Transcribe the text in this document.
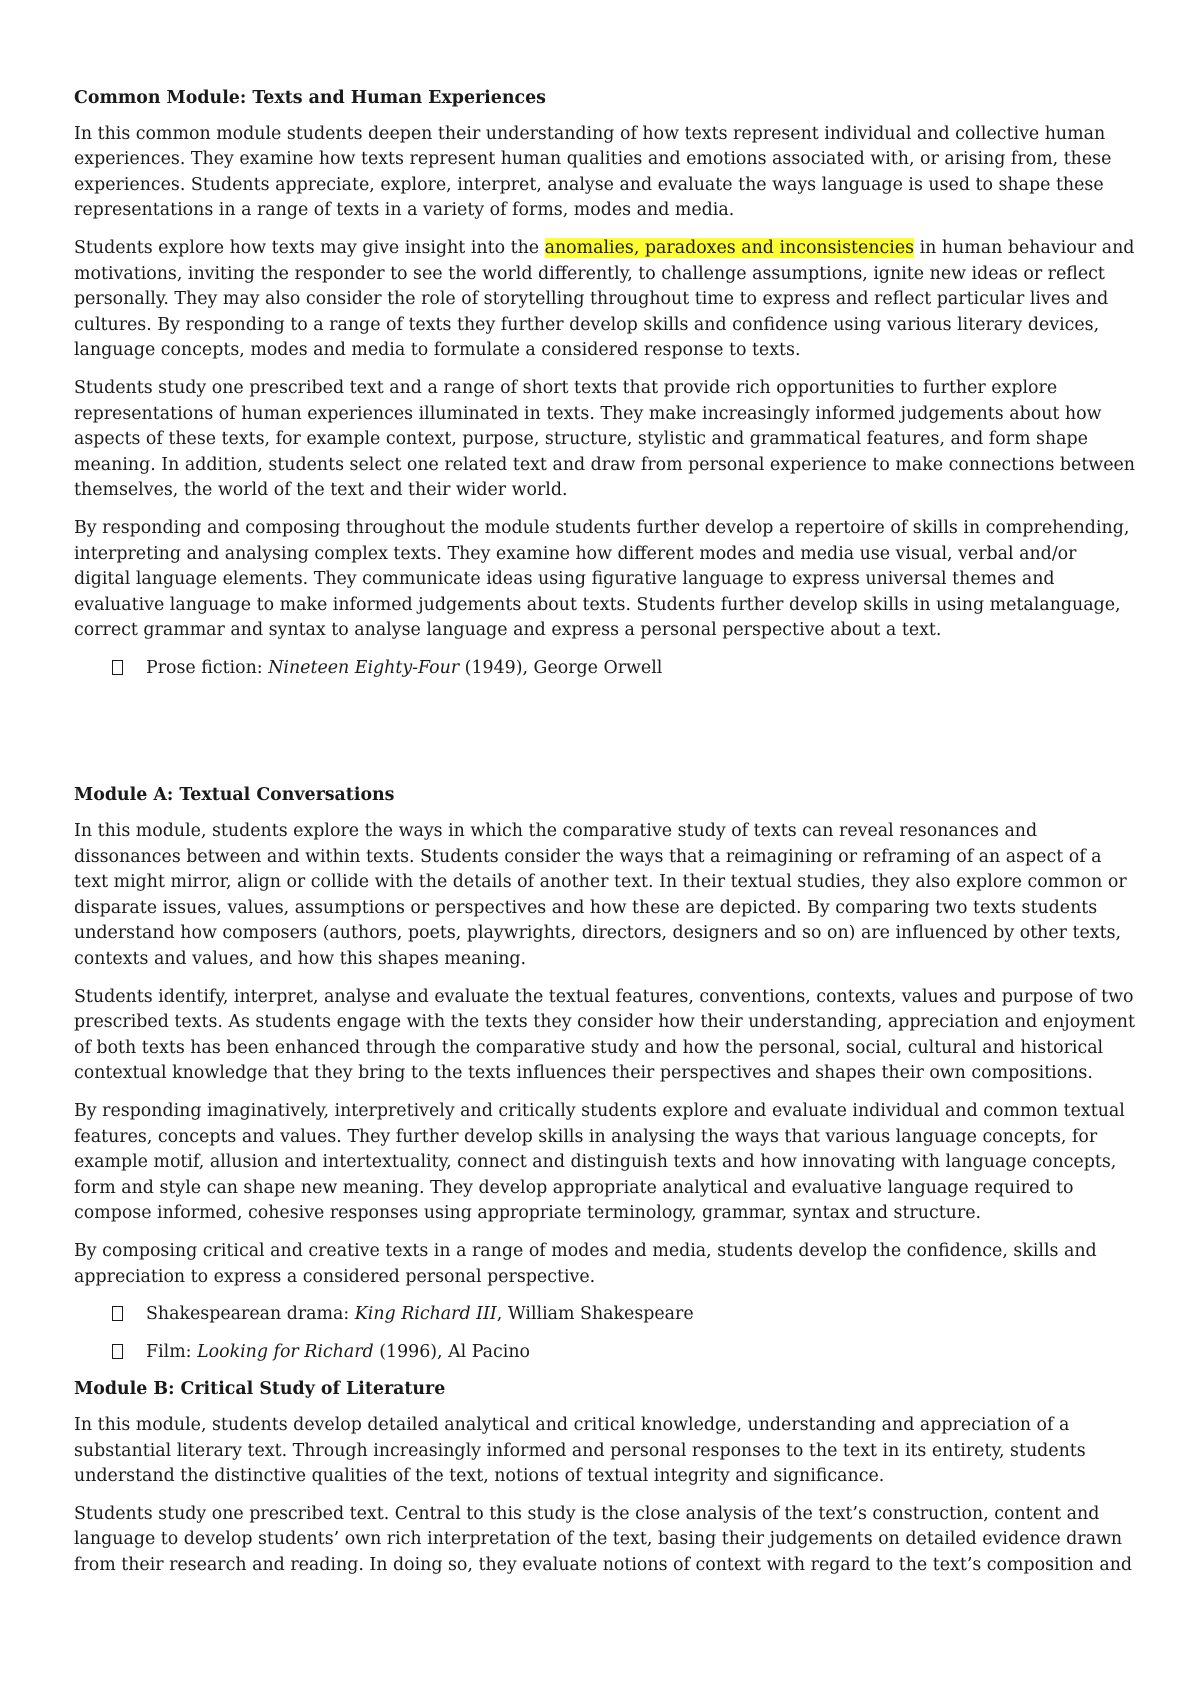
Common Module: Texts and Human Experiences

In this common module students deepen their understanding of how texts represent individual and collective human experiences. They examine how texts represent human qualities and emotions associated with, or arising from, these experiences. Students appreciate, explore, interpret, analyse and evaluate the ways language is used to shape these representations in a range of texts in a variety of forms, modes and media.

Students explore how texts may give insight into the anomalies, paradoxes and inconsistencies in human behaviour and motivations, inviting the responder to see the world differently, to challenge assumptions, ignite new ideas or reflect personally. They may also consider the role of storytelling throughout time to express and reflect particular lives and cultures. By responding to a range of texts they further develop skills and confidence using various literary devices, language concepts, modes and media to formulate a considered response to texts.

Students study one prescribed text and a range of short texts that provide rich opportunities to further explore representations of human experiences illuminated in texts. They make increasingly informed judgements about how aspects of these texts, for example context, purpose, structure, stylistic and grammatical features, and form shape meaning. In addition, students select one related text and draw from personal experience to make connections between themselves, the world of the text and their wider world.

By responding and composing throughout the module students further develop a repertoire of skills in comprehending, interpreting and analysing complex texts. They examine how different modes and media use visual, verbal and/or digital language elements. They communicate ideas using figurative language to express universal themes and evaluative language to make informed judgements about texts. Students further develop skills in using metalanguage, correct grammar and syntax to analyse language and express a personal perspective about a text.

Prose fiction: Nineteen Eighty-Four (1949), George Orwell
Module A: Textual Conversations

In this module, students explore the ways in which the comparative study of texts can reveal resonances and dissonances between and within texts. Students consider the ways that a reimagining or reframing of an aspect of a text might mirror, align or collide with the details of another text. In their textual studies, they also explore common or disparate issues, values, assumptions or perspectives and how these are depicted. By comparing two texts students understand how composers (authors, poets, playwrights, directors, designers and so on) are influenced by other texts, contexts and values, and how this shapes meaning.

Students identify, interpret, analyse and evaluate the textual features, conventions, contexts, values and purpose of two prescribed texts. As students engage with the texts they consider how their understanding, appreciation and enjoyment of both texts has been enhanced through the comparative study and how the personal, social, cultural and historical contextual knowledge that they bring to the texts influences their perspectives and shapes their own compositions.

By responding imaginatively, interpretively and critically students explore and evaluate individual and common textual features, concepts and values. They further develop skills in analysing the ways that various language concepts, for example motif, allusion and intertextuality, connect and distinguish texts and how innovating with language concepts, form and style can shape new meaning. They develop appropriate analytical and evaluative language required to compose informed, cohesive responses using appropriate terminology, grammar, syntax and structure.

By composing critical and creative texts in a range of modes and media, students develop the confidence, skills and appreciation to express a considered personal perspective.

Shakespearean drama: King Richard III, William Shakespeare
Film: Looking for Richard (1996), Al Pacino
Module B: Critical Study of Literature

In this module, students develop detailed analytical and critical knowledge, understanding and appreciation of a substantial literary text. Through increasingly informed and personal responses to the text in its entirety, students understand the distinctive qualities of the text, notions of textual integrity and significance.

Students study one prescribed text. Central to this study is the close analysis of the text’s construction, content and language to develop students’ own rich interpretation of the text, basing their judgements on detailed evidence drawn from their research and reading. In doing so, they evaluate notions of context with regard to the text’s composition and
